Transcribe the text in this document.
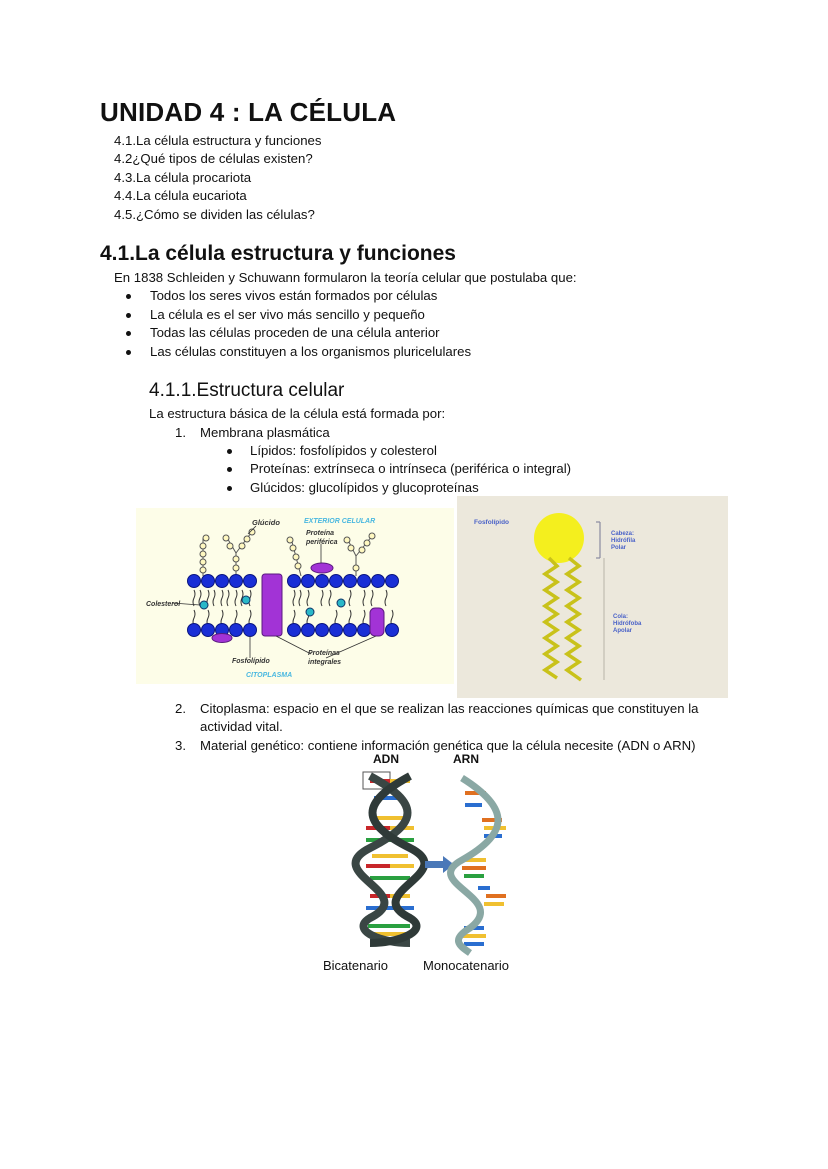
UNIDAD 4 : LA CÉLULA
4.1.La célula estructura y funciones
4.2¿Qué tipos de células existen?
4.3.La célula procariota
4.4.La célula eucariota
4.5.¿Cómo se dividen las células?
4.1.La célula estructura y funciones
En 1838 Schleiden y Schuwann formularon la teoría celular que postulaba que:
Todos los seres vivos están formados por células
La célula es el ser vivo más sencillo y pequeño
Todas las células proceden de una célula anterior
Las células constituyen a los organismos pluricelulares
4.1.1.Estructura celular
La estructura básica de la célula está formada por:
1. Membrana plasmática
Lípidos: fosfolípidos y colesterol
Proteínas: extrínseca o intrínseca (periférica o integral)
Glúcidos: glucolípidos y glucoproteínas
Glúcido	EXTERIOR CELULAR
Proteína
periférica
Colesterol
Fosfolípido
Proteínas
integrales
CITOPLASMA
Fosfolípido
Cabeza:
Hidrófila
Polar
Cola:
Hidrófoba
Apolar
2. Citoplasma: espacio en el que se realizan las reacciones químicas que constituyen la actividad vital.
3. Material genético: contiene información genética que la célula necesite (ADN o ARN)
ADN	ARN
Bicatenario	Monocatenario
